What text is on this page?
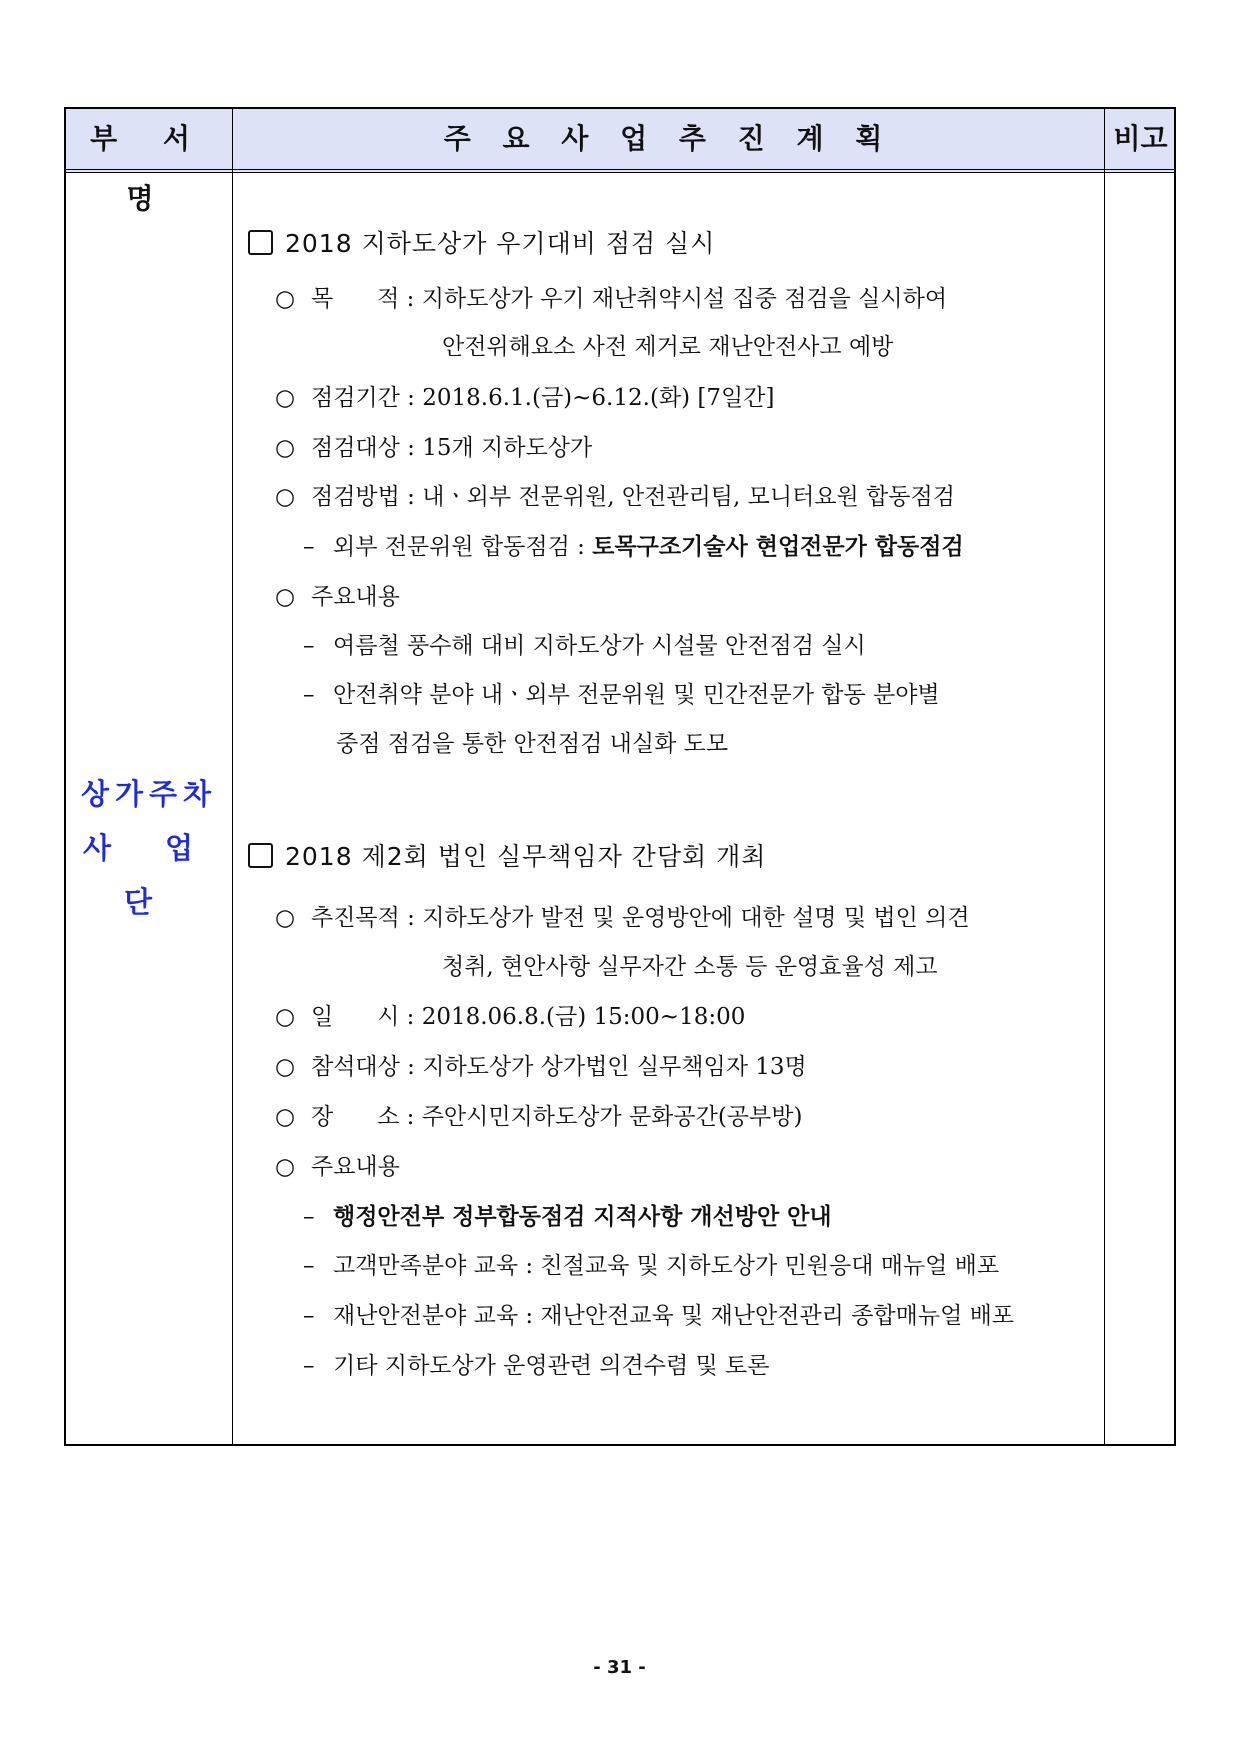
부 서 명
주 요 사 업 추 진 계 획	비고
상가주차
사 업 단
2018 지하도상가 우기대비 점검 실시
○ 목      적 : 지하도상가 우기 재난취약시설 집중 점검을 실시하여
안전위해요소 사전 제거로 재난안전사고 예방
○ 점검기간 : 2018.6.1.(금)~6.12.(화) [7일간]
○ 점검대상 : 15개 지하도상가
○ 점검방법 : 내ㆍ외부 전문위원, 안전관리팀, 모니터요원 합동점검
– 외부 전문위원 합동점검 : 토목구조기술사 현업전문가 합동점검
○ 주요내용
– 여름철 풍수해 대비 지하도상가 시설물 안전점검 실시
– 안전취약 분야 내ㆍ외부 전문위원 및 민간전문가 합동 분야별
중점 점검을 통한 안전점검 내실화 도모
2018 제2회 법인 실무책임자 간담회 개최
○ 추진목적 : 지하도상가 발전 및 운영방안에 대한 설명 및 법인 의견
청취, 현안사항 실무자간 소통 등 운영효율성 제고
○ 일      시 : 2018.06.8.(금) 15:00~18:00
○ 참석대상 : 지하도상가 상가법인 실무책임자 13명
○ 장      소 : 주안시민지하도상가 문화공간(공부방)
○ 주요내용
– 행정안전부 정부합동점검 지적사항 개선방안 안내
– 고객만족분야 교육 : 친절교육 및 지하도상가 민원응대 매뉴얼 배포
– 재난안전분야 교육 : 재난안전교육 및 재난안전관리 종합매뉴얼 배포
– 기타 지하도상가 운영관련 의견수렴 및 토론
- 31 -
